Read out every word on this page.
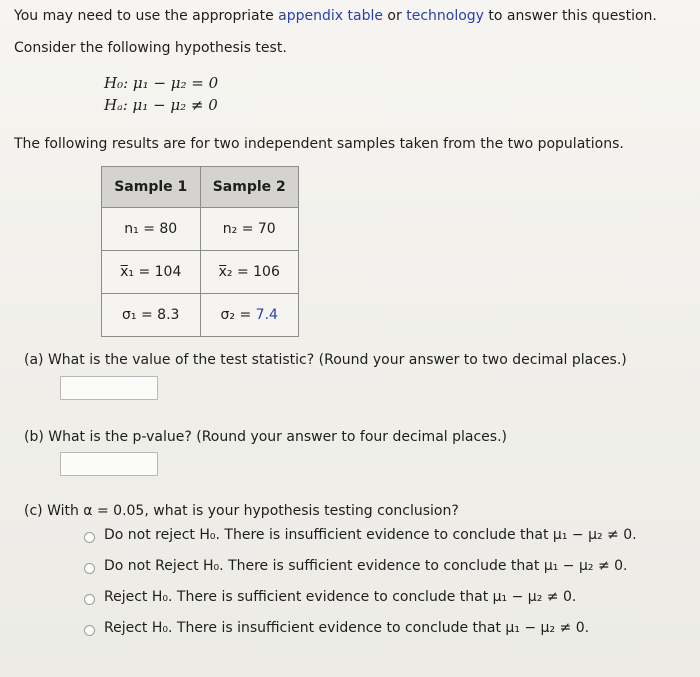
You may need to use the appropriate appendix table or technology to answer this question.
Consider the following hypothesis test.
H₀: μ₁ − μ₂ = 0
Hₐ: μ₁ − μ₂ ≠ 0
The following results are for two independent samples taken from the two populations.
Sample 1	Sample 2
n₁ = 80	n₂ = 70
x̅₁ = 104	x̅₂ = 106
σ₁ = 8.3	σ₂ = 7.4
(a) What is the value of the test statistic? (Round your answer to two decimal places.)
(b) What is the p-value? (Round your answer to four decimal places.)
(c) With α = 0.05, what is your hypothesis testing conclusion?
Do not reject H₀. There is insufficient evidence to conclude that μ₁ − μ₂ ≠ 0.
Do not Reject H₀. There is sufficient evidence to conclude that μ₁ − μ₂ ≠ 0.
Reject H₀. There is sufficient evidence to conclude that μ₁ − μ₂ ≠ 0.
Reject H₀. There is insufficient evidence to conclude that μ₁ − μ₂ ≠ 0.
